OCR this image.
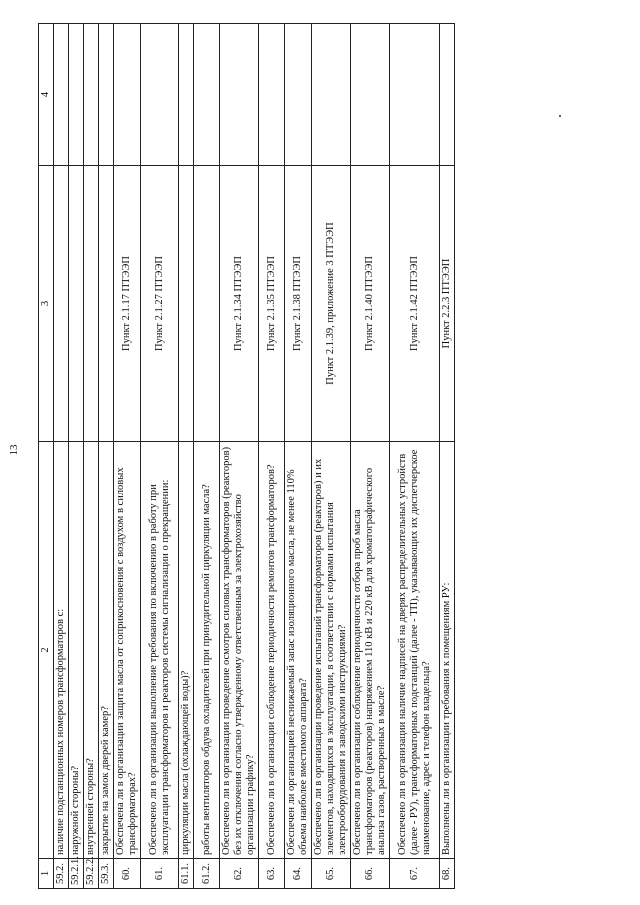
13
1	2	3	4
59.2.	наличие подстанционных номеров трансформаторов с:		
59.2.1.	наружной стороны?		
59.2.2.	внутренней стороны?		
59.3.	закрытие на замок дверей камер?		
60.	Обеспечена ли в организации защита масла от соприкосновения с воздухом в силовых трансформаторах?	Пункт 2.1.17 ПТЭЭП	
61.	Обеспечено ли в организации выполнение требования по включению в работу при эксплуатации трансформаторов и реакторов системы сигнализации о прекращении:	Пункт 2.1.27 ПТЭЭП	
61.1.	циркуляции масла (охлаждающей воды)?		
61.2.	работы вентиляторов обдува охладителей при принудительной циркуляции масла?		
62.	Обеспечено ли в организации проведение осмотров силовых трансформаторов (реакторов) без их отключения согласно утвержденному ответственным за электрохозяйство организации графику?	Пункт 2.1.34 ПТЭЭП	
63.	Обеспечено ли в организации соблюдение периодичности ремонтов трансформаторов?	Пункт 2.1.35 ПТЭЭП	
64.	Обеспечен ли организацией неснижаемый запас изоляционного масла, не менее 110% объема наиболее вместимого аппарата?	Пункт 2.1.38 ПТЭЭП	
65.	Обеспечено ли в организации проведение испытаний трансформаторов (реакторов) и их элементов, находящихся в эксплуатации, в соответствии с нормами испытания электрооборудования и заводскими инструкциями?	Пункт 2.1.39, приложение 3 ПТЭЭП	
66.	Обеспечено ли в организации соблюдение периодичности отбора проб масла трансформаторов (реакторов) напряжением 110 кВ и 220 кВ для хроматографического анализа газов, растворенных в масле?	Пункт 2.1.40 ПТЭЭП	
67.	Обеспечено ли в организации наличие надписей на дверях распределительных устройств (далее - РУ), трансформаторных подстанций (далее - ТП), указывающих их диспетчерское наименование, адрес и телефон владельца?	Пункт 2.1.42 ПТЭЭП	
68.	Выполнены ли в организации требования к помещениям РУ:	Пункт 2.2.3 ПТЭЭП	
